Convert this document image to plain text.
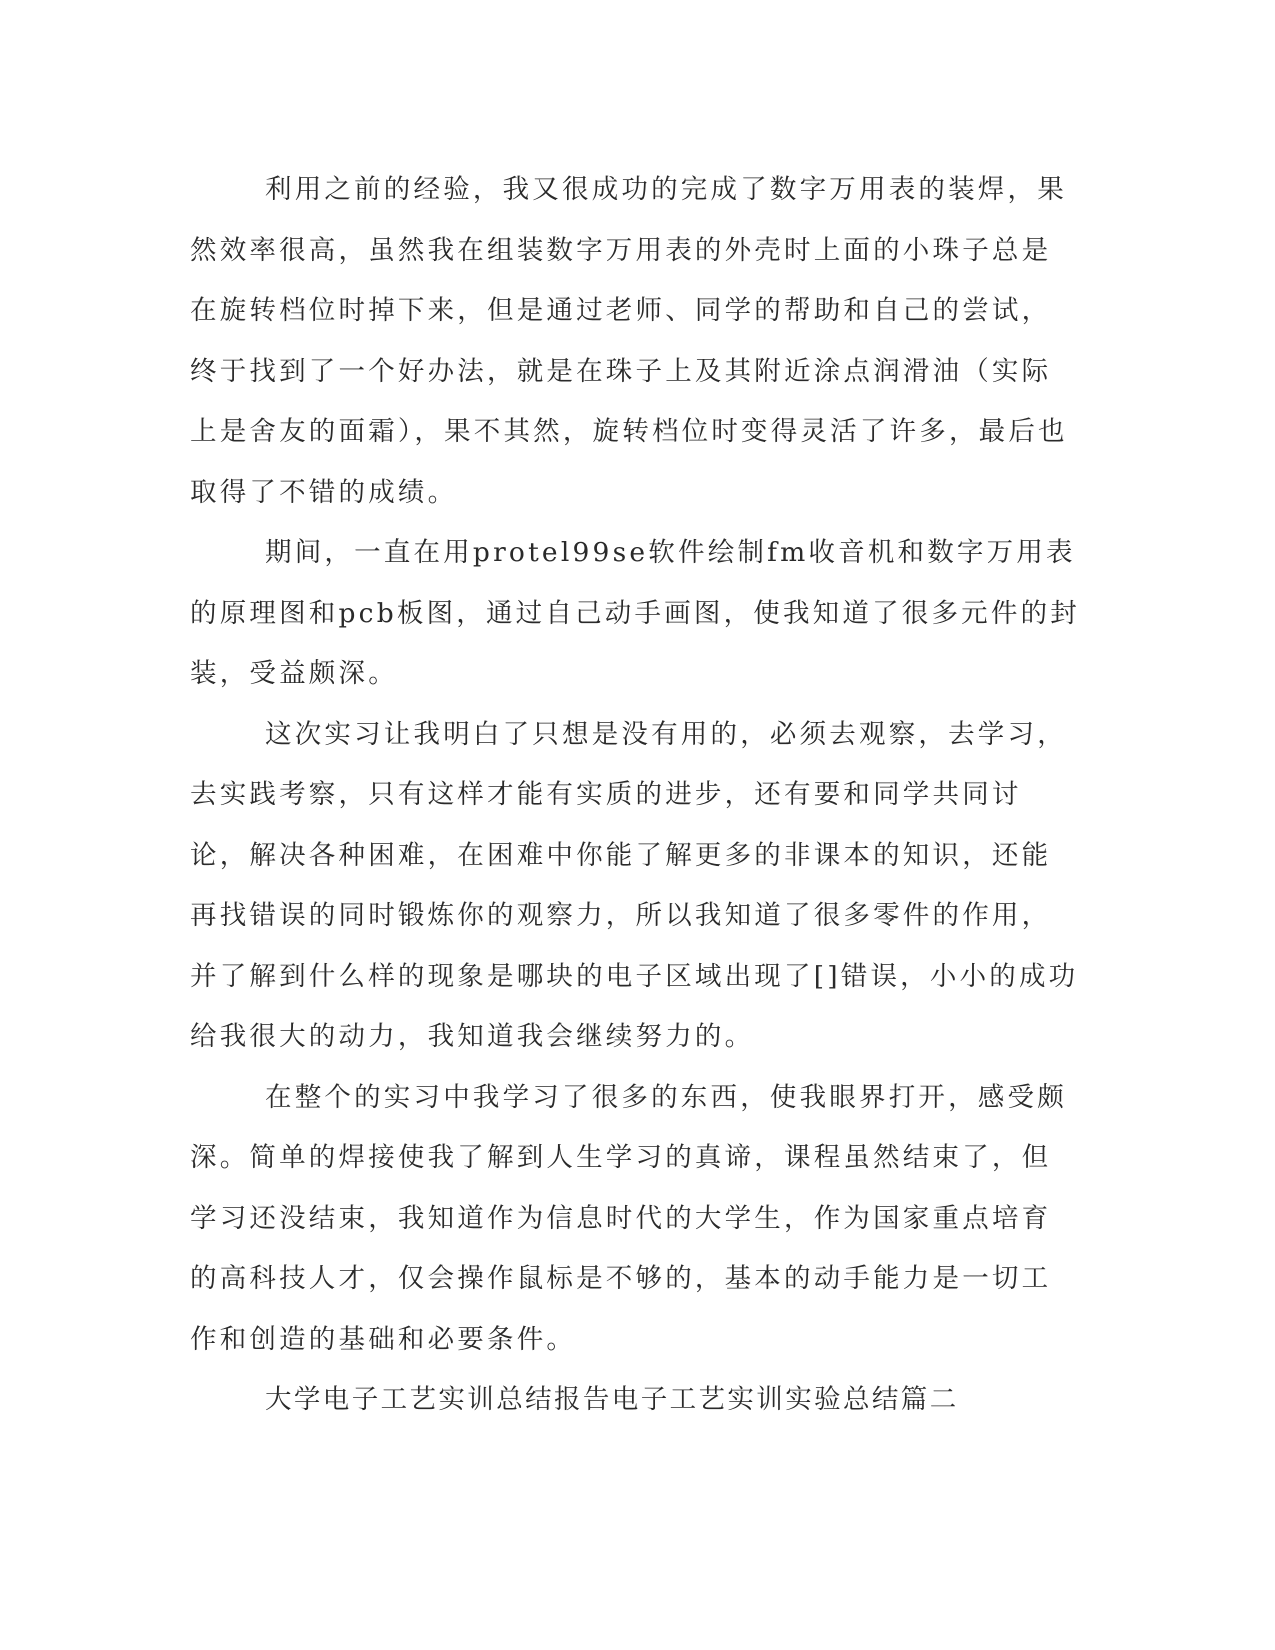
利用之前的经验，我又很成功的完成了数字万用表的装焊，果然效率很高，虽然我在组装数字万用表的外壳时上面的小珠子总是在旋转档位时掉下来，但是通过老师、同学的帮助和自己的尝试，终于找到了一个好办法，就是在珠子上及其附近涂点润滑油（实际上是舍友的面霜），果不其然，旋转档位时变得灵活了许多，最后也取得了不错的成绩。

期间，一直在用protel99se软件绘制fm收音机和数字万用表的原理图和pcb板图，通过自己动手画图，使我知道了很多元件的封装，受益颇深。

这次实习让我明白了只想是没有用的，必须去观察，去学习，去实践考察，只有这样才能有实质的进步，还有要和同学共同讨论，解决各种困难，在困难中你能了解更多的非课本的知识，还能再找错误的同时锻炼你的观察力，所以我知道了很多零件的作用，并了解到什么样的现象是哪块的电子区域出现了[]错误，小小的成功给我很大的动力，我知道我会继续努力的。

在整个的实习中我学习了很多的东西，使我眼界打开，感受颇深。简单的焊接使我了解到人生学习的真谛，课程虽然结束了，但学习还没结束，我知道作为信息时代的大学生，作为国家重点培育的高科技人才，仅会操作鼠标是不够的，基本的动手能力是一切工作和创造的基础和必要条件。

大学电子工艺实训总结报告电子工艺实训实验总结篇二
